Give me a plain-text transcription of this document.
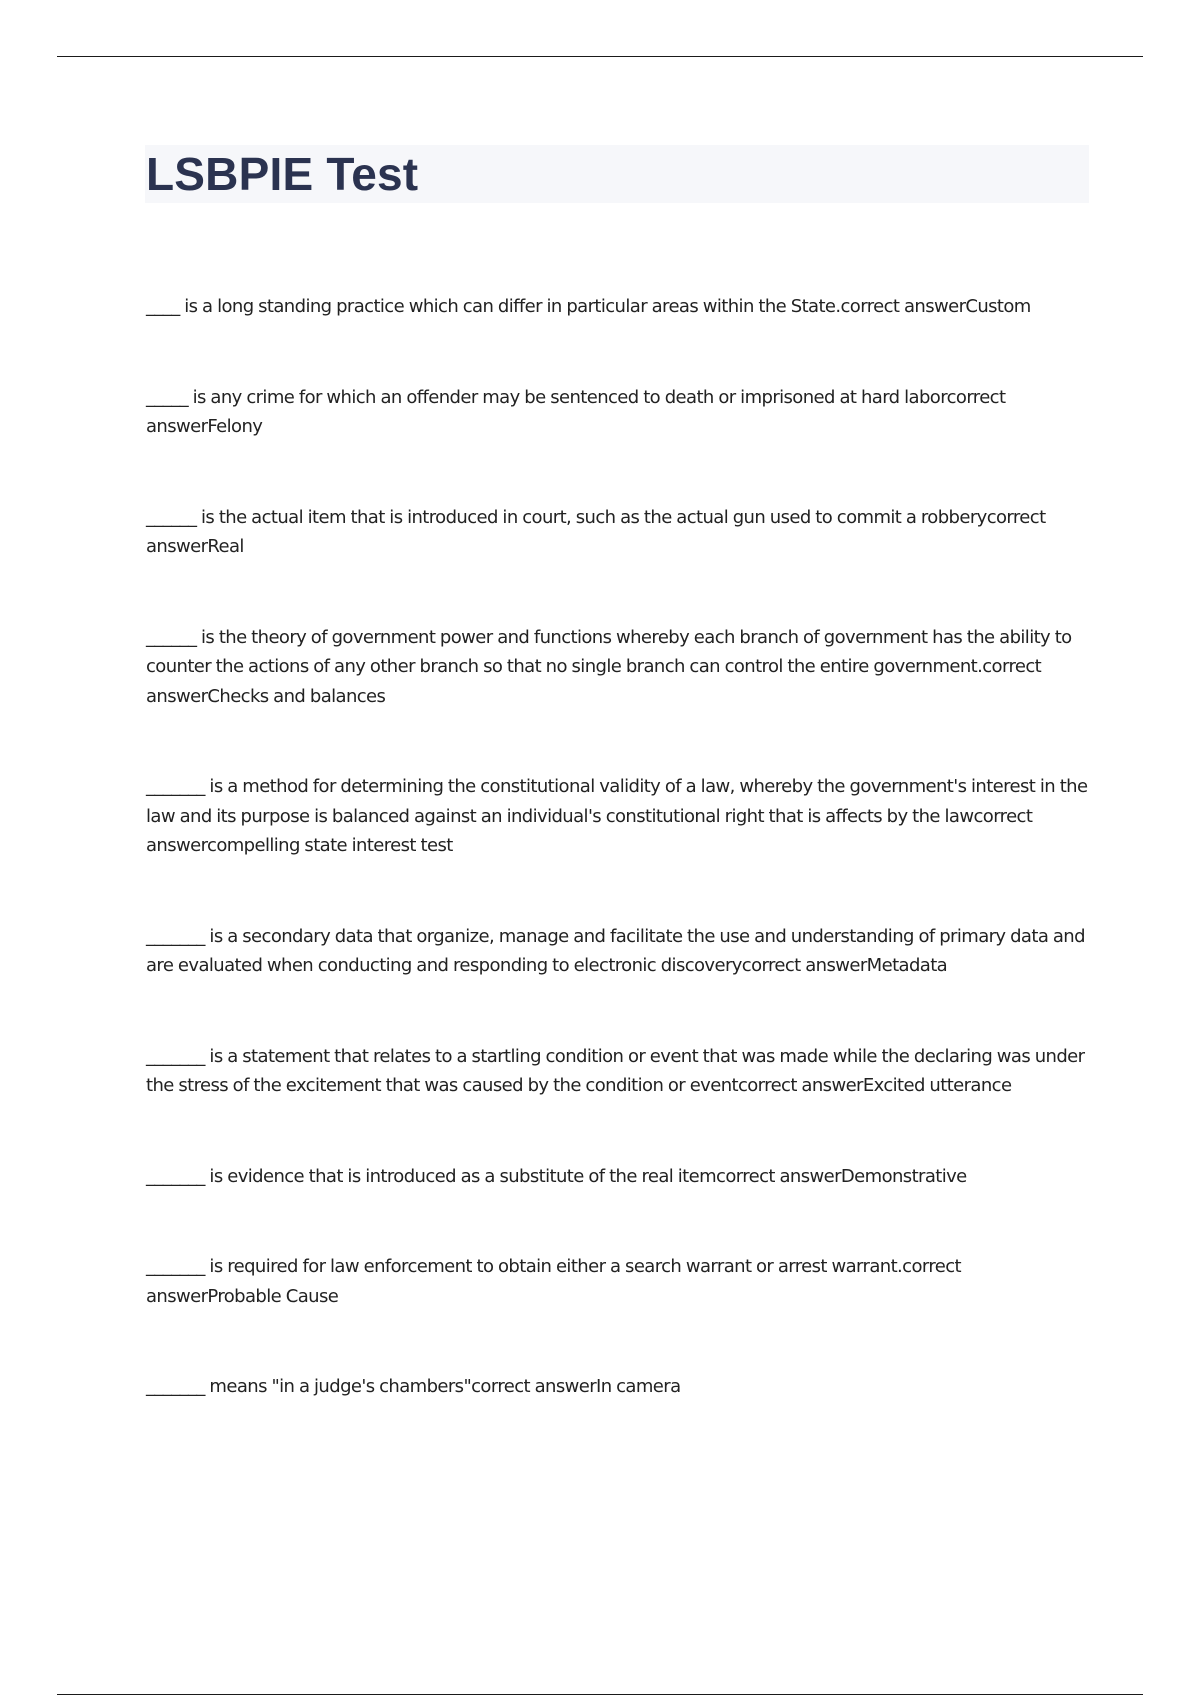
LSBPIE Test
____ is a long standing practice which can differ in particular areas within the State.correct answerCustom
_____ is any crime for which an offender may be sentenced to death or imprisoned at hard laborcorrect answerFelony
______ is the actual item that is introduced in court, such as the actual gun used to commit a robberycorrect answerReal
______ is the theory of government power and functions whereby each branch of government has the ability to counter the actions of any other branch so that no single branch can control the entire government.correct answerChecks and balances
_______ is a method for determining the constitutional validity of a law, whereby the government's interest in the law and its purpose is balanced against an individual's constitutional right that is affects by the lawcorrect answercompelling state interest test
_______ is a secondary data that organize, manage and facilitate the use and understanding of primary data and are evaluated when conducting and responding to electronic discoverycorrect answerMetadata
_______ is a statement that relates to a startling condition or event that was made while the declaring was under the stress of the excitement that was caused by the condition or eventcorrect answerExcited utterance
_______ is evidence that is introduced as a substitute of the real itemcorrect answerDemonstrative
_______ is required for law enforcement to obtain either a search warrant or arrest warrant.correct answerProbable Cause
_______ means "in a judge's chambers"correct answerIn camera
